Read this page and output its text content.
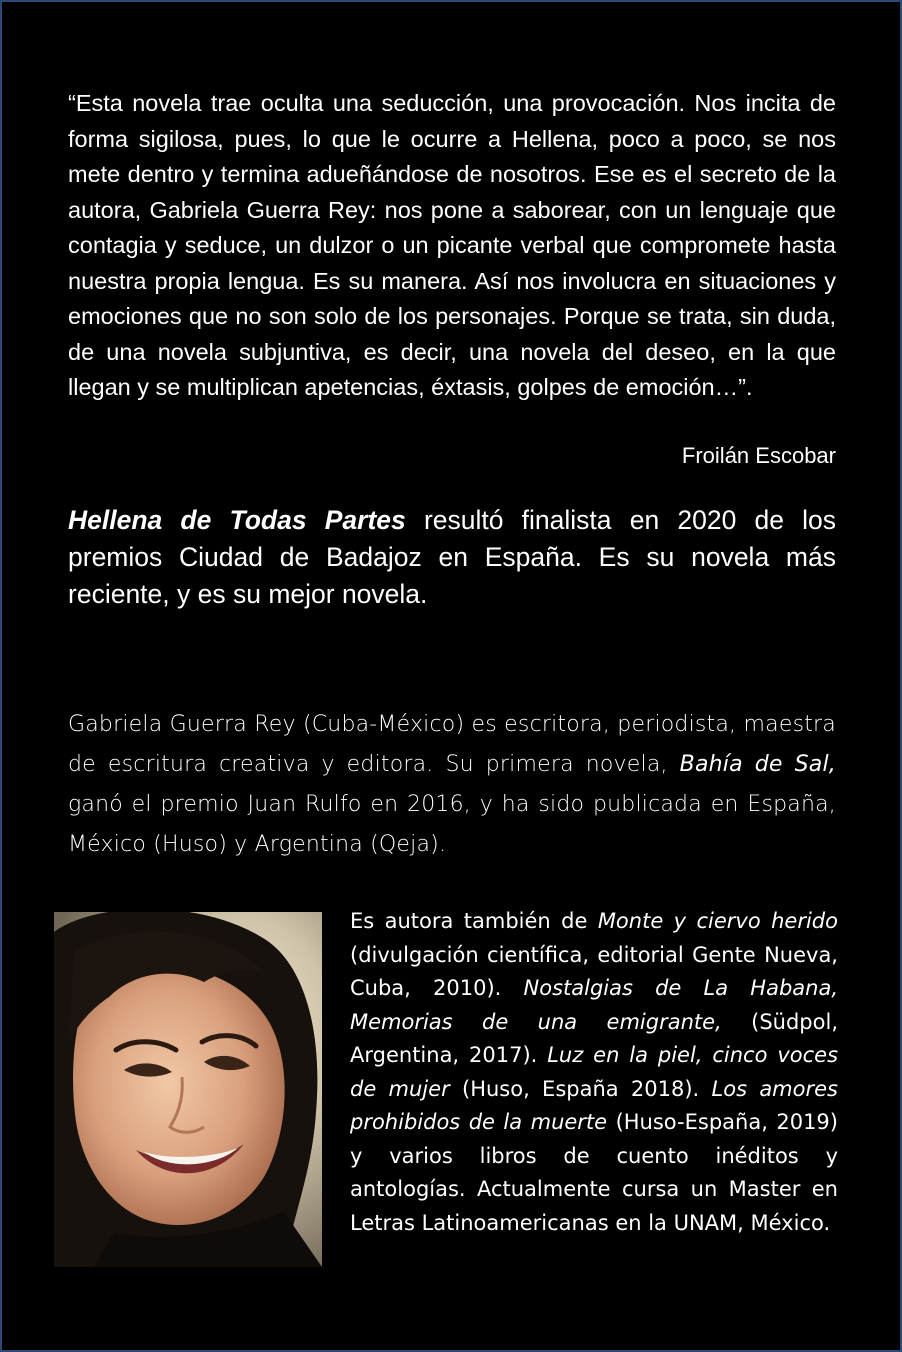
“Esta novela trae oculta una seducción, una provocación. Nos incita de forma sigilosa, pues, lo que le ocurre a Hellena, poco a poco, se nos mete dentro y termina adueñándose de nosotros. Ese es el secreto de la autora, Gabriela Guerra Rey: nos pone a saborear, con un lenguaje que contagia y seduce, un dulzor o un picante verbal que compromete hasta nuestra propia lengua. Es su manera. Así nos involucra en situaciones y emociones que no son solo de los personajes. Porque se trata, sin duda, de una novela subjuntiva, es decir, una novela del deseo, en la que llegan y se multiplican apetencias, éxtasis, golpes de emoción…”.

Froilán Escobar

Hellena de Todas Partes resultó finalista en 2020 de los premios Ciudad de Badajoz en España. Es su novela más reciente, y es su mejor novela.

Gabriela Guerra Rey (Cuba-México) es escritora, periodista, maestra de escritura creativa y editora. Su primera novela, Bahía de Sal, ganó el premio Juan Rulfo en 2016, y ha sido publicada en España, México (Huso) y Argentina (Qeja).

Es autora también de Monte y ciervo herido (divulgación científica, editorial Gente Nueva, Cuba, 2010). Nostalgias de La Habana, Memorias de una emigrante, (Südpol, Argentina, 2017). Luz en la piel, cinco voces de mujer (Huso, España 2018). Los amores prohibidos de la muerte (Huso-España, 2019) y varios libros de cuento inéditos y antologías. Actualmente cursa un Master en Letras Latinoamericanas en la UNAM, México.
